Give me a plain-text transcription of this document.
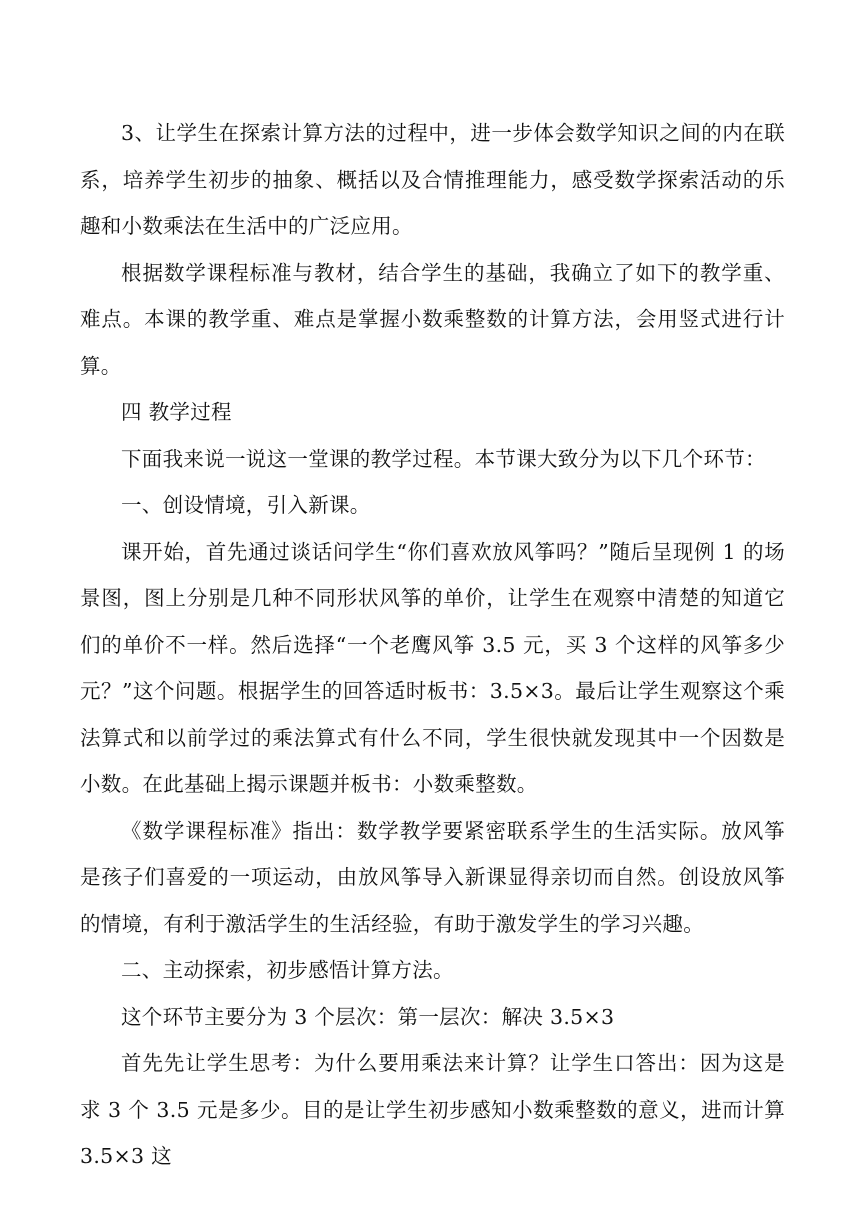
3、让学生在探索计算方法的过程中，进一步体会数学知识之间的内在联系，培养学生初步的抽象、概括以及合情推理能力，感受数学探索活动的乐趣和小数乘法在生活中的广泛应用。

根据数学课程标准与教材，结合学生的基础，我确立了如下的教学重、难点。本课的教学重、难点是掌握小数乘整数的计算方法，会用竖式进行计算。

四 教学过程

下面我来说一说这一堂课的教学过程。本节课大致分为以下几个环节：

一、创设情境，引入新课。

课开始，首先通过谈话问学生“你们喜欢放风筝吗？”随后呈现例 1 的场景图，图上分别是几种不同形状风筝的单价，让学生在观察中清楚的知道它们的单价不一样。然后选择“一个老鹰风筝 3.5 元，买 3 个这样的风筝多少元？”这个问题。根据学生的回答适时板书：3.5×3。最后让学生观察这个乘法算式和以前学过的乘法算式有什么不同，学生很快就发现其中一个因数是小数。在此基础上揭示课题并板书：小数乘整数。

《数学课程标准》指出：数学教学要紧密联系学生的生活实际。放风筝是孩子们喜爱的一项运动，由放风筝导入新课显得亲切而自然。创设放风筝的情境，有利于激活学生的生活经验，有助于激发学生的学习兴趣。

二、主动探索，初步感悟计算方法。

这个环节主要分为 3 个层次：第一层次：解决 3.5×3

首先先让学生思考：为什么要用乘法来计算？让学生口答出：因为这是求 3 个 3.5 元是多少。目的是让学生初步感知小数乘整数的意义，进而计算 3.5×3 这
